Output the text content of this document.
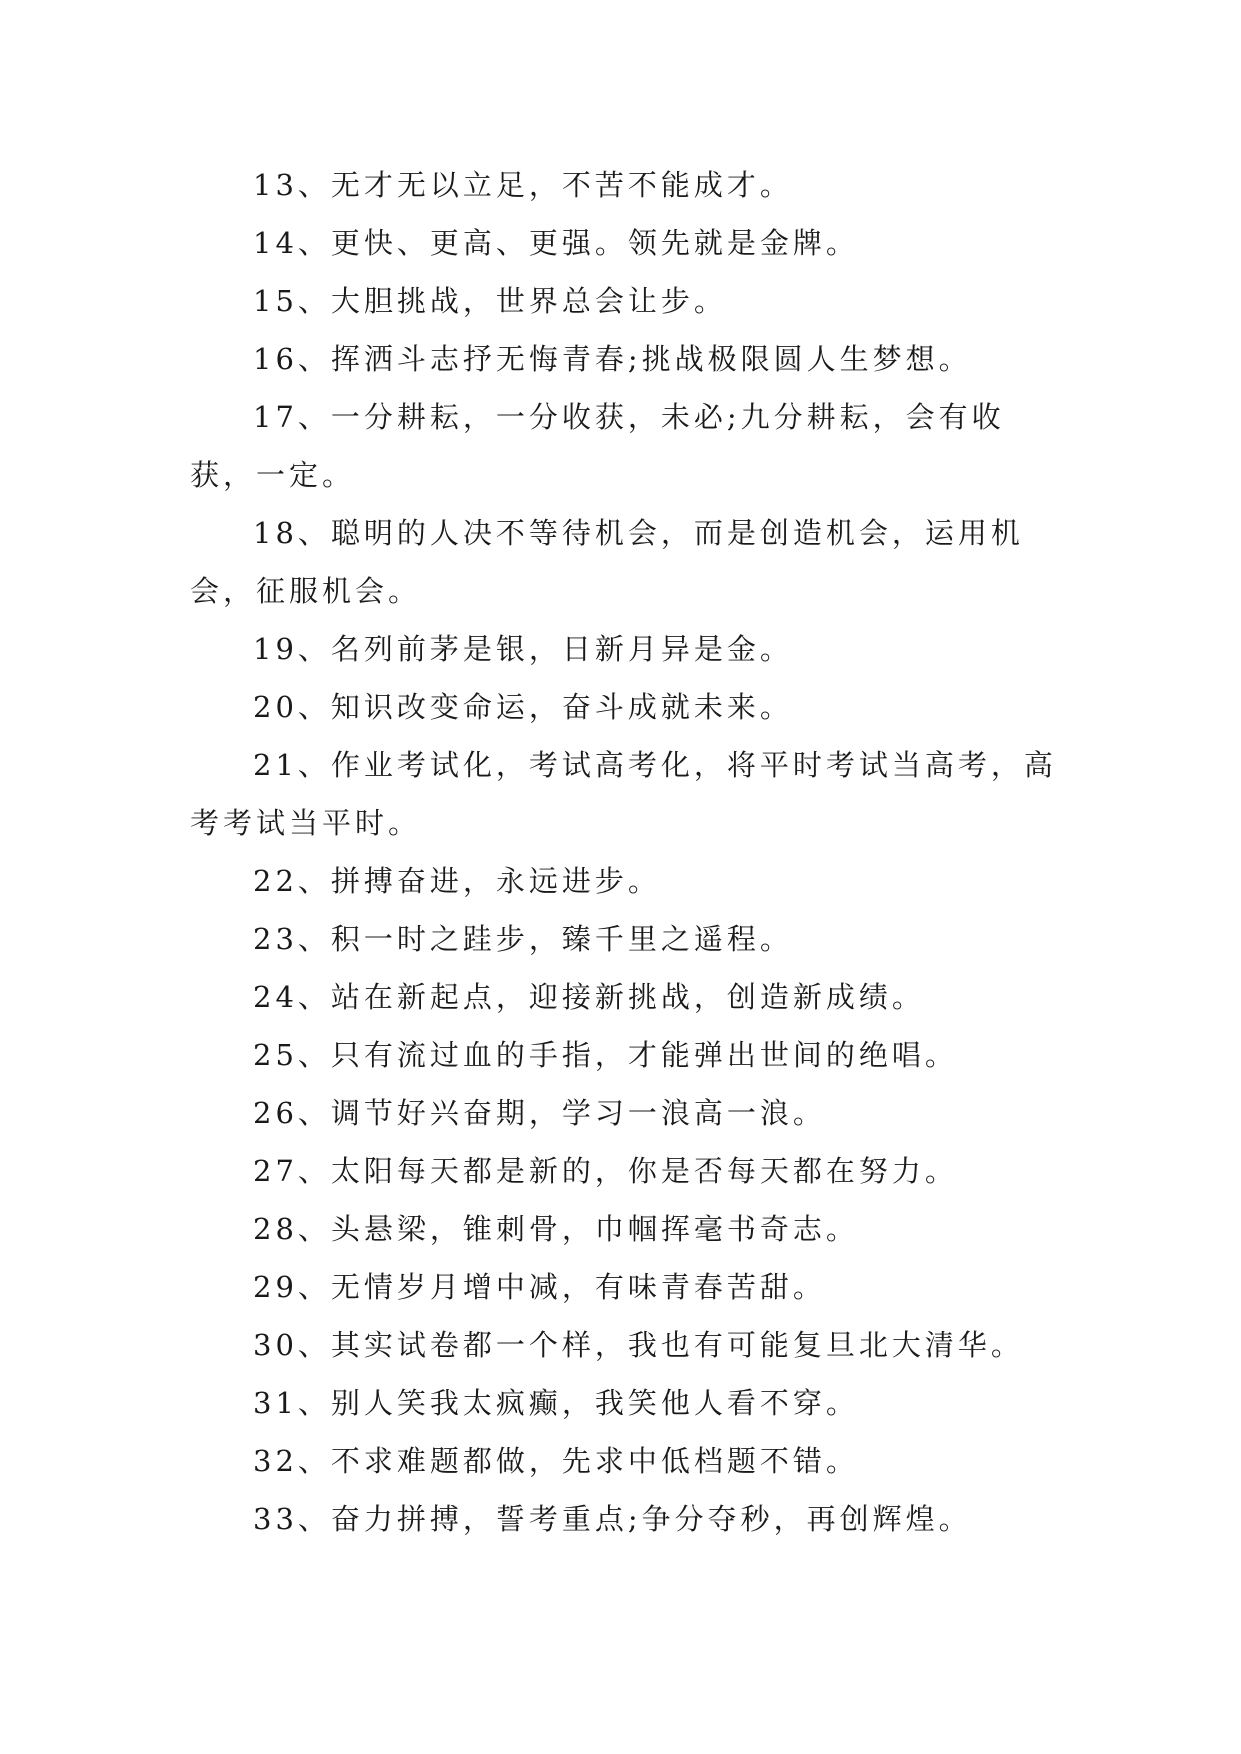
13、无才无以立足，不苦不能成才。

14、更快、更高、更强。领先就是金牌。

15、大胆挑战，世界总会让步。

16、挥洒斗志抒无悔青春;挑战极限圆人生梦想。

17、一分耕耘，一分收获，未必;九分耕耘，会有收获，一定。

18、聪明的人决不等待机会，而是创造机会，运用机会，征服机会。

19、名列前茅是银，日新月异是金。

20、知识改变命运，奋斗成就未来。

21、作业考试化，考试高考化，将平时考试当高考，高考考试当平时。

22、拼搏奋进，永远进步。

23、积一时之跬步，臻千里之遥程。

24、站在新起点，迎接新挑战，创造新成绩。

25、只有流过血的手指，才能弹出世间的绝唱。

26、调节好兴奋期，学习一浪高一浪。

27、太阳每天都是新的，你是否每天都在努力。

28、头悬梁，锥刺骨，巾帼挥毫书奇志。

29、无情岁月增中减，有味青春苦甜。

30、其实试卷都一个样，我也有可能复旦北大清华。

31、别人笑我太疯癫，我笑他人看不穿。

32、不求难题都做，先求中低档题不错。

33、奋力拼搏，誓考重点;争分夺秒，再创辉煌。
